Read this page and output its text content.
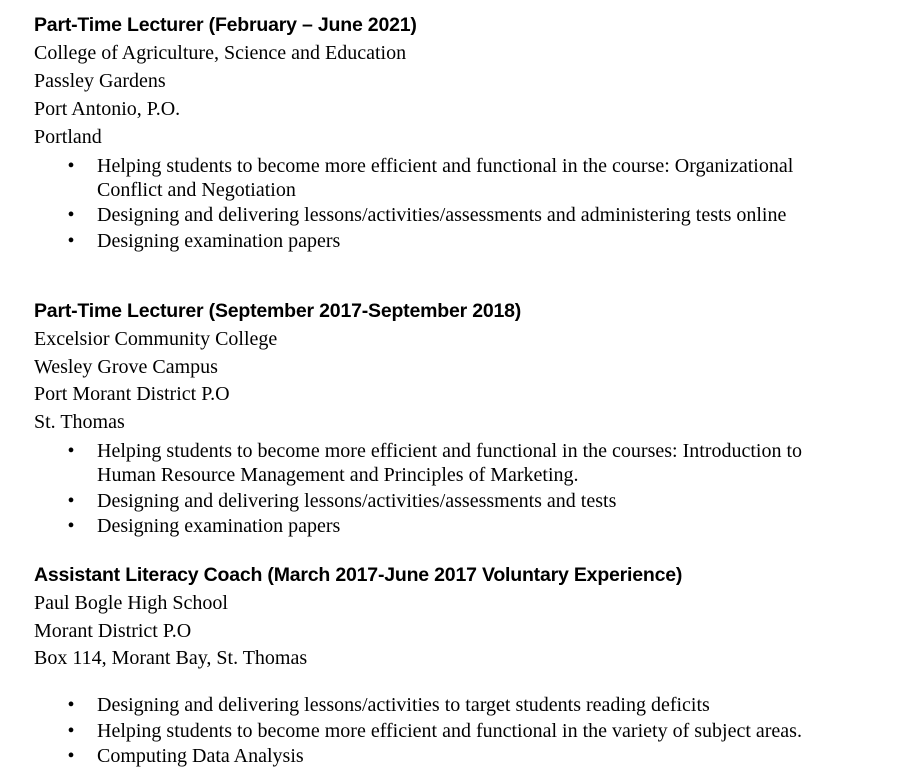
Part-Time Lecturer (February – June 2021)
College of Agriculture, Science and Education
Passley Gardens
Port Antonio, P.O.
Portland
• Helping students to become more efficient and functional in the course: Organizational
Conflict and Negotiation
• Designing and delivering lessons/activities/assessments and administering tests online
• Designing examination papers
Part-Time Lecturer (September 2017-September 2018)
Excelsior Community College
Wesley Grove Campus
Port Morant District P.O
St. Thomas
• Helping students to become more efficient and functional in the courses: Introduction to
Human Resource Management and Principles of Marketing.
• Designing and delivering lessons/activities/assessments and tests
• Designing examination papers
Assistant Literacy Coach (March 2017-June 2017 Voluntary Experience)
Paul Bogle High School
Morant District P.O
Box 114, Morant Bay, St. Thomas
• Designing and delivering lessons/activities to target students reading deficits
• Helping students to become more efficient and functional in the variety of subject areas.
• Computing Data Analysis
